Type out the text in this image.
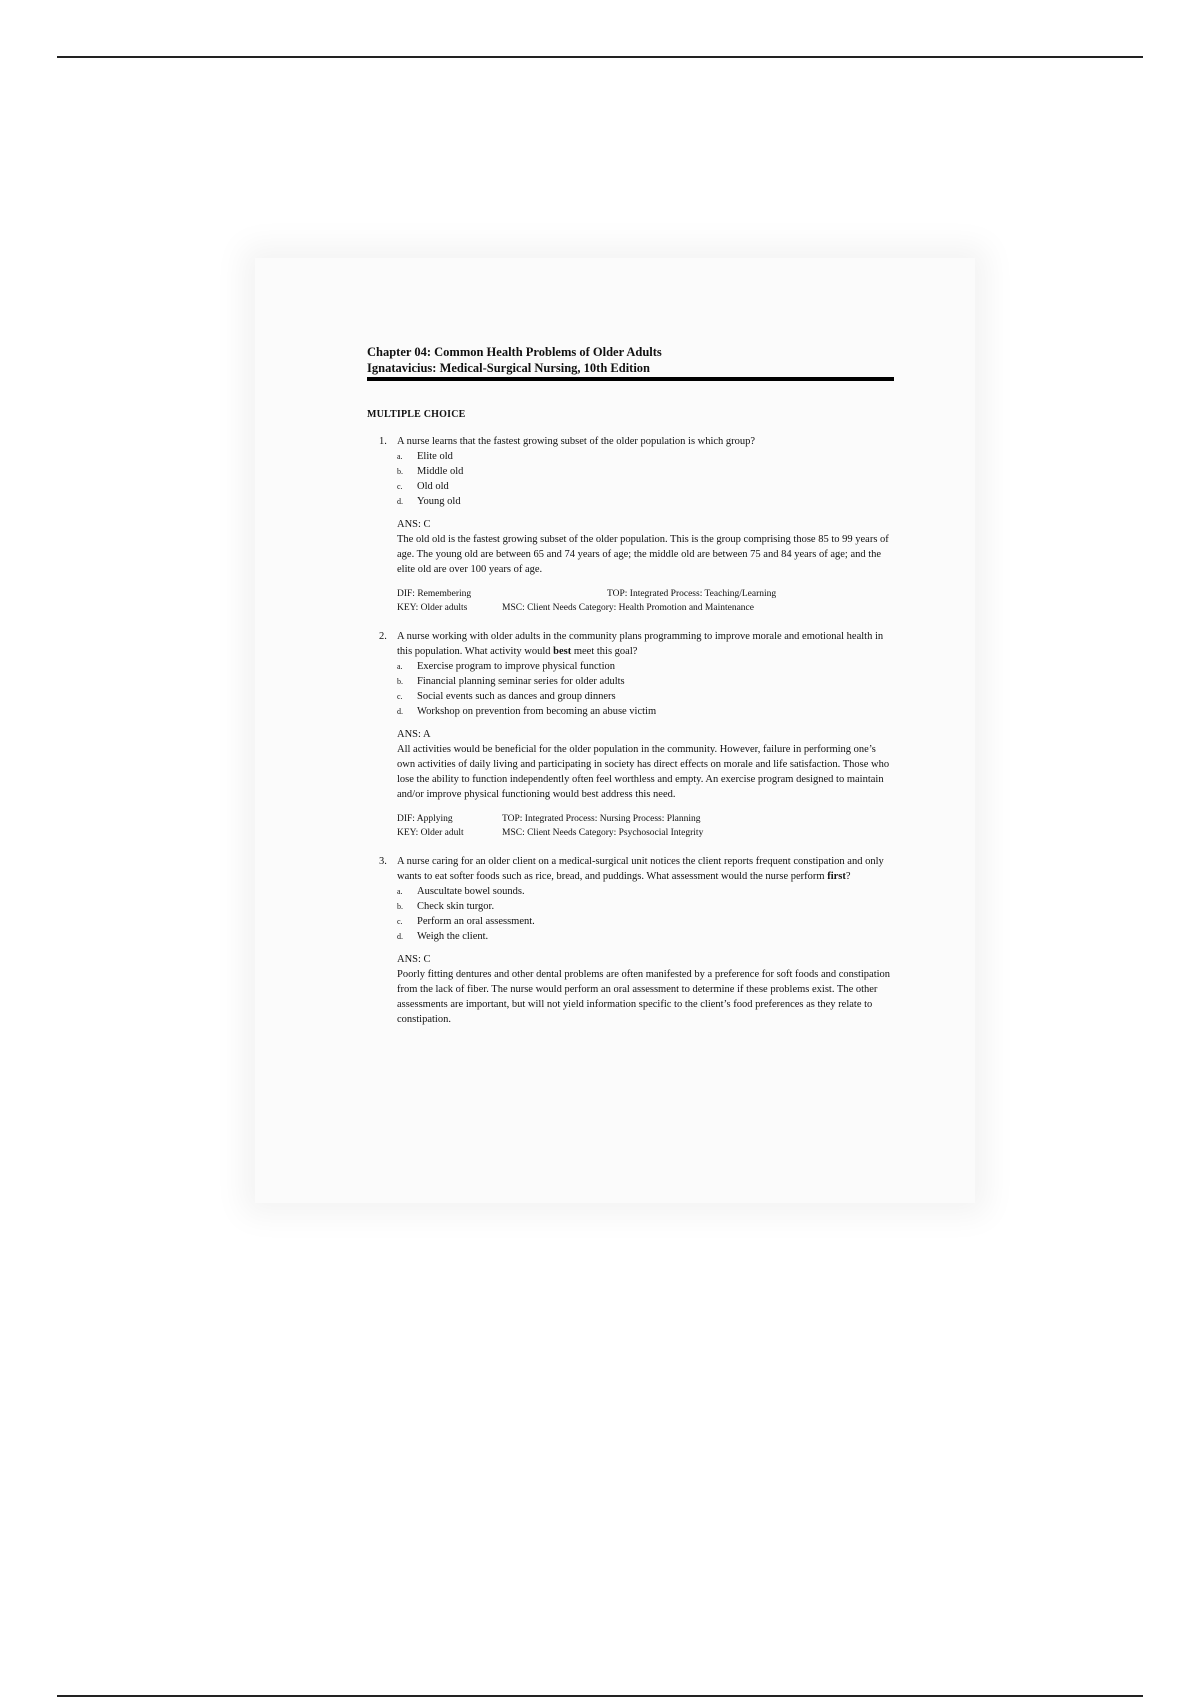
Chapter 04: Common Health Problems of Older Adults
Ignatavicius: Medical-Surgical Nursing, 10th Edition
MULTIPLE CHOICE
1. A nurse learns that the fastest growing subset of the older population is which group?
a.	Elite old
b.	Middle old
c.	Old old
d.	Young old
ANS: C
The old old is the fastest growing subset of the older population. This is the group comprising those 85 to 99 years of age. The young old are between 65 and 74 years of age; the middle old are between 75 and 84 years of age; and the elite old are over 100 years of age.
DIF: Remembering	TOP: Integrated Process: Teaching/Learning
KEY: Older adults	MSC: Client Needs Category: Health Promotion and Maintenance
2. A nurse working with older adults in the community plans programming to improve morale and emotional health in this population. What activity would best meet this goal?
a.	Exercise program to improve physical function
b.	Financial planning seminar series for older adults
c.	Social events such as dances and group dinners
d.	Workshop on prevention from becoming an abuse victim
ANS: A
All activities would be beneficial for the older population in the community. However, failure in performing one’s own activities of daily living and participating in society has direct effects on morale and life satisfaction. Those who lose the ability to function independently often feel worthless and empty. An exercise program designed to maintain and/or improve physical functioning would best address this need.
DIF: Applying	TOP: Integrated Process: Nursing Process: Planning
KEY: Older adult	MSC: Client Needs Category: Psychosocial Integrity
3. A nurse caring for an older client on a medical-surgical unit notices the client reports frequent constipation and only wants to eat softer foods such as rice, bread, and puddings. What assessment would the nurse perform first?
a.	Auscultate bowel sounds.
b.	Check skin turgor.
c.	Perform an oral assessment.
d.	Weigh the client.
ANS: C
Poorly fitting dentures and other dental problems are often manifested by a preference for soft foods and constipation from the lack of fiber. The nurse would perform an oral assessment to determine if these problems exist. The other assessments are important, but will not yield information specific to the client’s food preferences as they relate to constipation.
